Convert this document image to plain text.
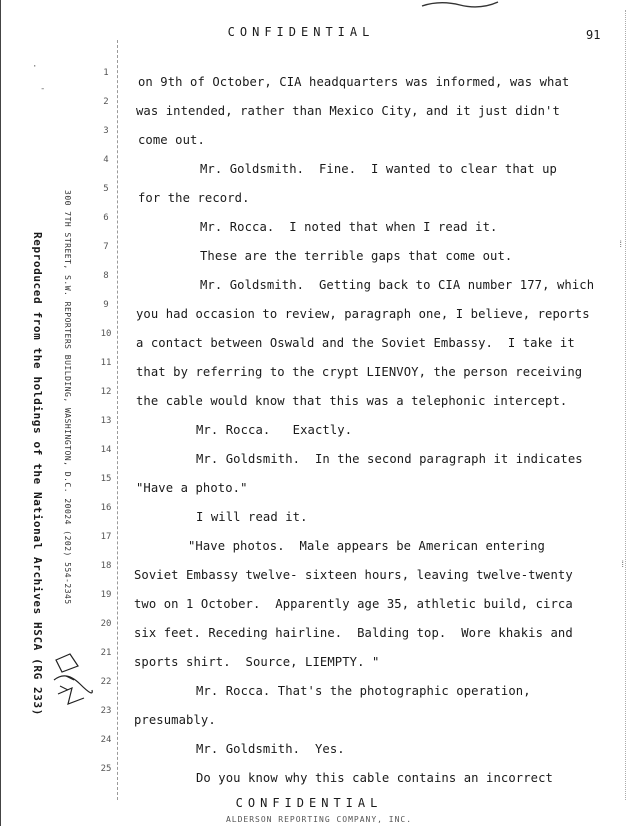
CONFIDENTIAL	91
Reproduced from the holdings of the National Archives HSCA (RG 233) 300 7TH STREET, S.W. REPORTERS BUILDING, WASHINGTON, D.C. 20024 (202) 554-2345
·
-
⁞
⁞
1
2
3
4
5
6
7
8
9
10
11
12
13
14
15
16
17
18
19
20
21
22
23
24
25
on 9th of October, CIA headquarters was informed, was what
was intended, rather than Mexico City, and it just didn't
come out.
Mr. Goldsmith.  Fine.  I wanted to clear that up
for the record.
Mr. Rocca.  I noted that when I read it.
These are the terrible gaps that come out.
Mr. Goldsmith.  Getting back to CIA number 177, which
you had occasion to review, paragraph one, I believe, reports
a contact between Oswald and the Soviet Embassy.  I take it
that by referring to the crypt LIENVOY, the person receiving
the cable would know that this was a telephonic intercept.
Mr. Rocca.   Exactly.
Mr. Goldsmith.  In the second paragraph it indicates
"Have a photo."
I will read it.
"Have photos.  Male appears be American entering
Soviet Embassy twelve- sixteen hours, leaving twelve-twenty
two on 1 October.  Apparently age 35, athletic build, circa
six feet. Receding hairline.  Balding top.  Wore khakis and
sports shirt.  Source, LIEMPTY. "
Mr. Rocca. That's the photographic operation,
presumably.
Mr. Goldsmith.  Yes.
Do you know why this cable contains an incorrect
CONFIDENTIAL
ALDERSON REPORTING COMPANY, INC.
